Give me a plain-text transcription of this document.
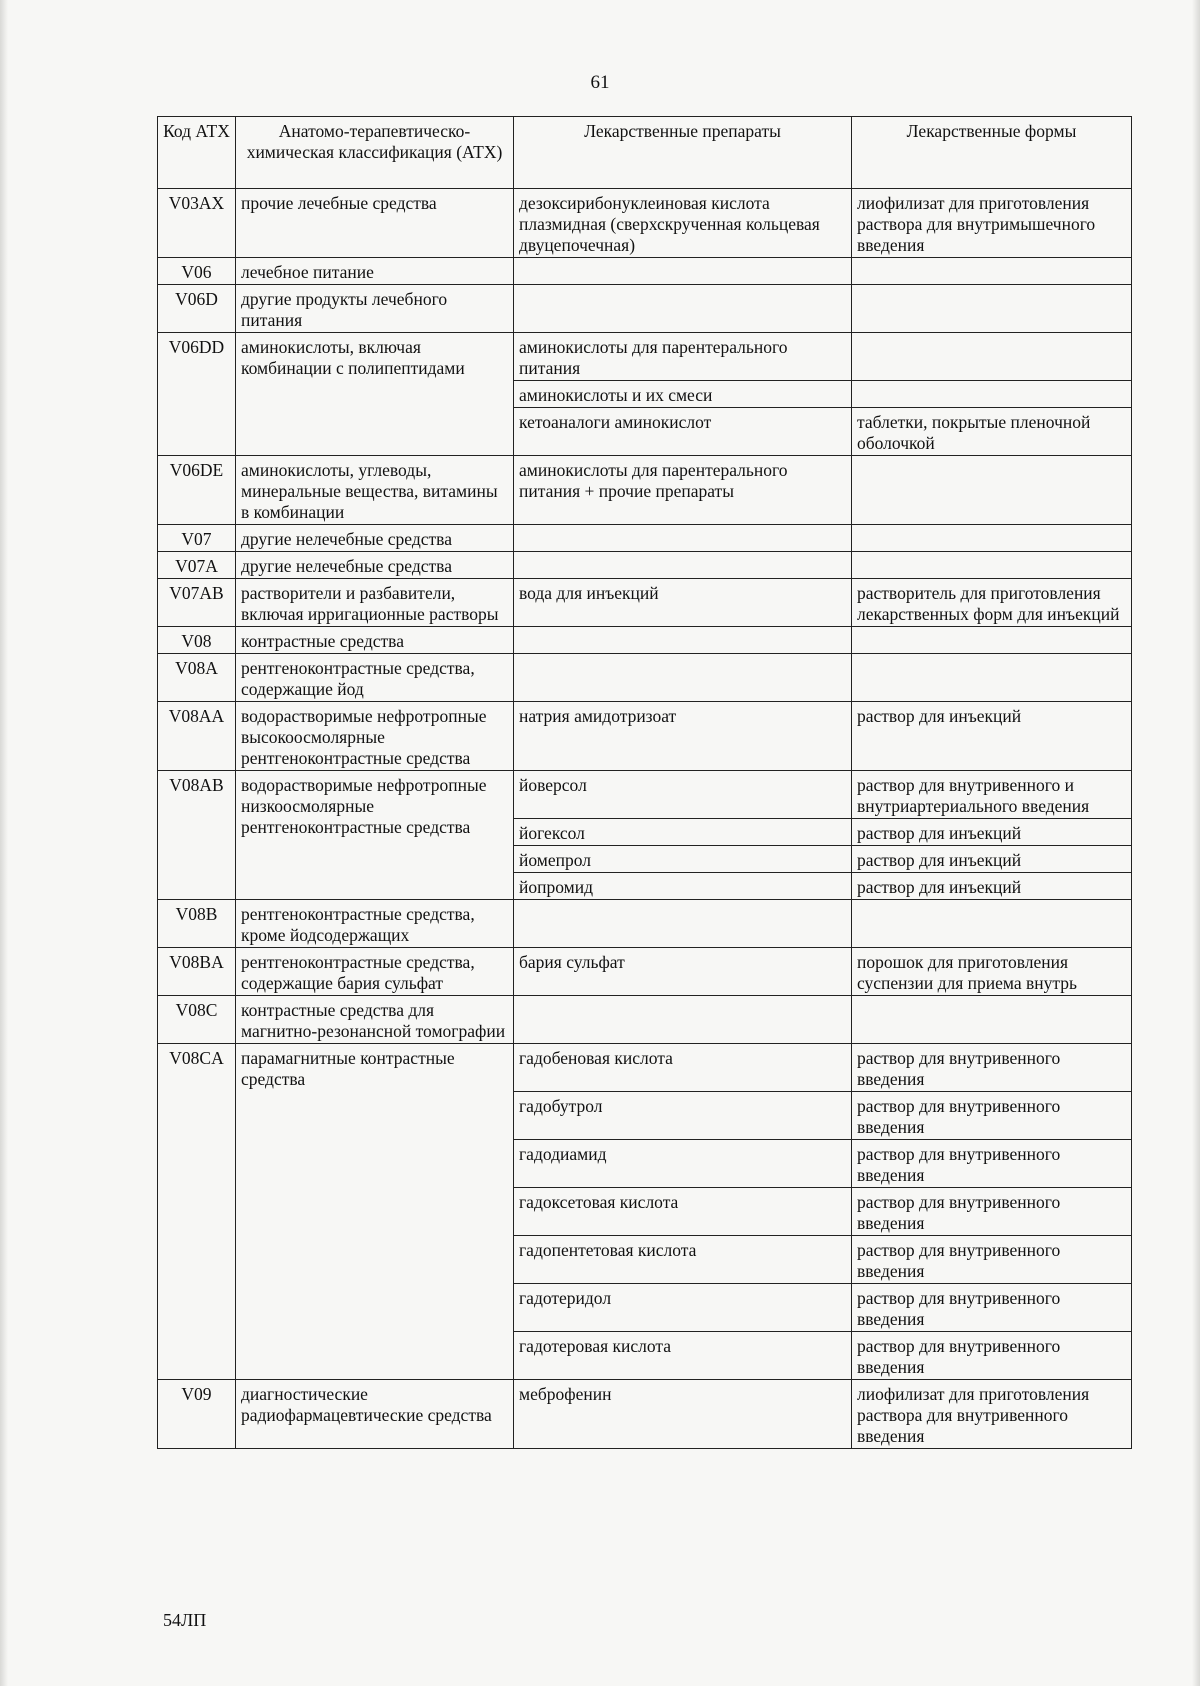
61
Код АТХ	Анатомо-терапевтическо-химическая классификация (АТХ)	Лекарственные препараты	Лекарственные формы
V03AX	прочие лечебные средства	дезоксирибонуклеиновая кислота плазмидная (сверхскрученная кольцевая двуцепочечная)	лиофилизат для приготовления раствора для внутримышечного введения
V06	лечебное питание		
V06D	другие продукты лечебного питания		
V06DD	аминокислоты, включая комбинации с полипептидами	аминокислоты для парентерального питания	
		аминокислоты и их смеси	
		кетоаналоги аминокислот	таблетки, покрытые пленочной оболочкой
V06DE	аминокислоты, углеводы, минеральные вещества, витамины в комбинации	аминокислоты для парентерального питания + прочие препараты	
V07	другие нелечебные средства		
V07A	другие нелечебные средства		
V07AB	растворители и разбавители, включая ирригационные растворы	вода для инъекций	растворитель для приготовления лекарственных форм для инъекций
V08	контрастные средства		
V08A	рентгеноконтрастные средства, содержащие йод		
V08AA	водорастворимые нефротропные высокоосмолярные рентгеноконтрастные средства	натрия амидотризоат	раствор для инъекций
V08AB	водорастворимые нефротропные низкоосмолярные рентгеноконтрастные средства	йоверсол	раствор для внутривенного и внутриартериального введения
		йогексол	раствор для инъекций
		йомепрол	раствор для инъекций
		йопромид	раствор для инъекций
V08B	рентгеноконтрастные средства, кроме йодсодержащих		
V08BA	рентгеноконтрастные средства, содержащие бария сульфат	бария сульфат	порошок для приготовления суспензии для приема внутрь
V08C	контрастные средства для магнитно-резонансной томографии		
V08CA	парамагнитные контрастные средства	гадобеновая кислота	раствор для внутривенного введения
		гадобутрол	раствор для внутривенного введения
		гадодиамид	раствор для внутривенного введения
		гадоксетовая кислота	раствор для внутривенного введения
		гадопентетовая кислота	раствор для внутривенного введения
		гадотеридол	раствор для внутривенного введения
		гадотеровая кислота	раствор для внутривенного введения
V09	диагностические радиофармацевтические средства	меброфенин	лиофилизат для приготовления раствора для внутривенного введения
54ЛП
